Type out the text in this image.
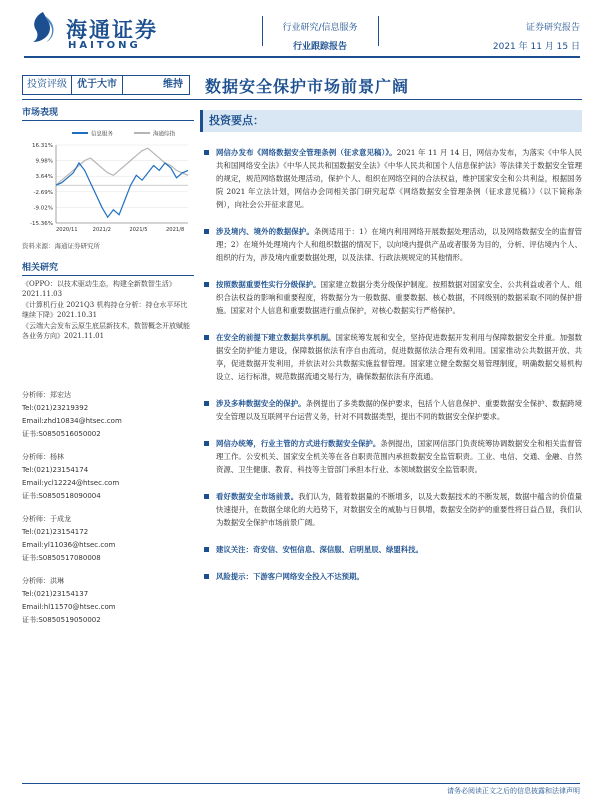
海通证券
HAITONG
行业研究/信息服务
行业跟踪报告
证券研究报告
2021 年 11 月 15 日
投资评级	优于大市	维持	数据安全保护市场前景广阔
市场表现
信息服务	海通综指
16.31%
9.98%
3.64%
-2.69%
-9.02%
-15.36%
2020/11	2021/2	2021/5	2021/8
资料来源：海通证券研究所
相关研究
《OPPO：以技术驱动生态，构建全新数智生活》2021.11.03
《计算机行业 2021Q3 机构持仓分析：持仓水平环比继续下降》2021.10.31
《云端大会发布云原生底层新技术，数智概念开放赋能各业务方向》2021.11.01
分析师：郑宏达
Tel:(021)23219392
Email:zhd10834@htsec.com
证书:S0850516050002
分析师：杨林
Tel:(021)23154174
Email:ycl12224@htsec.com
证书:S0850518090004
分析师：于成龙
Tel:(021)23154172
Email:yl11036@htsec.com
证书:S0850517080008
分析师：洪琳
Tel:(021)23154137
Email:hl11570@htsec.com
证书:S0850519050002
投资要点：
网信办发布《网络数据安全管理条例（征求意见稿）》。2021 年 11 月 14 日，网信办发布，为落实《中华人民共和国网络安全法》《中华人民共和国数据安全法》《中华人民共和国个人信息保护法》等法律关于数据安全管理的规定，规范网络数据处理活动，保护个人、组织在网络空间的合法权益，维护国家安全和公共利益，根据国务院 2021 年立法计划，网信办会同相关部门研究起草《网络数据安全管理条例（征求意见稿）》（以下简称条例），向社会公开征求意见。
涉及境内、境外的数据保护。条例适用于：1）在境内利用网络开展数据处理活动，以及网络数据安全的监督管理；2）在境外处理境内个人和组织数据的情况下，以向境内提供产品或者服务为目的，分析、评估境内个人、组织的行为，涉及境内重要数据处理，以及法律、行政法规规定的其他情形。
按照数据重要性实行分级保护。国家建立数据分类分级保护制度。按照数据对国家安全、公共利益或者个人、组织合法权益的影响和重要程度，将数据分为一般数据、重要数据、核心数据，不同级别的数据采取不同的保护措施。国家对个人信息和重要数据进行重点保护，对核心数据实行严格保护。
在安全的前提下建立数据共享机制。国家统筹发展和安全，坚持促进数据开发利用与保障数据安全并重。加强数据安全防护能力建设，保障数据依法有序自由流动，促进数据依法合理有效利用。国家推动公共数据开放、共享，促进数据开发利用，并依法对公共数据实施监督管理。国家建立健全数据交易管理制度，明确数据交易机构设立、运行标准，规范数据流通交易行为，确保数据依法有序流通。
涉及多种数据安全的保护。条例提出了多类数据的保护要求，包括个人信息保护、重要数据安全保护、数据跨境安全管理以及互联网平台运营义务，针对不同数据类型，提出不同的数据安全保护要求。
网信办统筹，行业主管的方式进行数据安全保护。条例提出，国家网信部门负责统筹协调数据安全和相关监督管理工作。公安机关、国家安全机关等在各自职责范围内承担数据安全监管职责。工业、电信、交通、金融、自然资源、卫生健康、教育、科技等主管部门承担本行业、本领域数据安全监管职责。
看好数据安全市场前景。我们认为，随着数据量的不断增多，以及大数据技术的不断发展，数据中蕴含的价值量快速提升，在数据全球化的大趋势下，对数据安全的威胁与日俱增，数据安全防护的重要性将日益凸显，我们认为数据安全保护市场前景广阔。
建议关注：奇安信、安恒信息、深信服、启明星辰、绿盟科技。
风险提示：下游客户网络安全投入不达预期。
请务必阅读正文之后的信息披露和法律声明
